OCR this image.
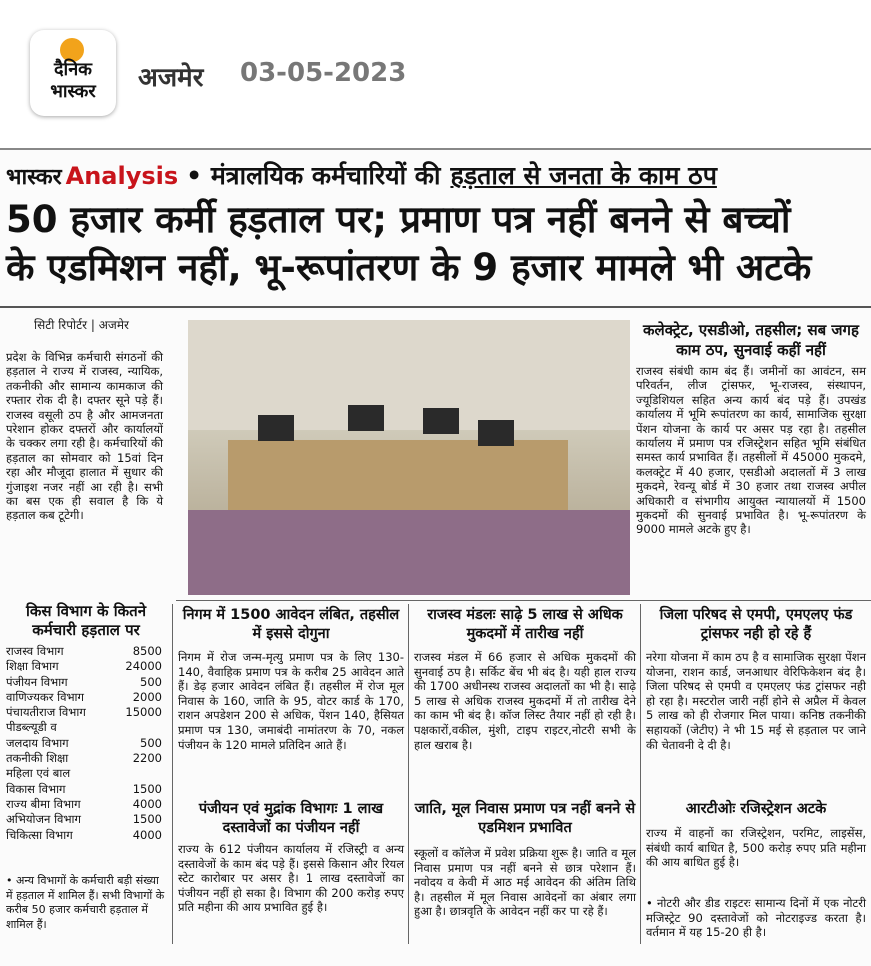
दैनिक
भास्कर	अजमेर 03-05-2023
भास्कर Analysis • मंत्रालयिक कर्मचारियों की हड़ताल से जनता के काम ठप
50 हजार कर्मी हड़ताल पर; प्रमाण पत्र नहीं बनने से बच्चों
के एडमिशन नहीं, भू-रूपांतरण के 9 हजार मामले भी अटके
सिटी रिपोर्टर | अजमेर
प्रदेश के विभिन्न कर्मचारी संगठनों की हड़ताल ने राज्य में राजस्व, न्यायिक, तकनीकी और सामान्य कामकाज की रफ्तार रोक दी है। दफ्तर सूने पड़े हैं। राजस्व वसूली ठप है और आमजनता परेशान होकर दफ्तरों और कार्यालयों के चक्कर लगा रही है। कर्मचारियों की हड़ताल का सोमवार को 15वां दिन रहा और मौजूदा हालात में सुधार की गुंजाइश नजर नहीं आ रही है। सभी का बस एक ही सवाल है कि ये हड़ताल कब टूटेगी।
कलेक्ट्रेट, एसडीओ, तहसील; सब जगह काम ठप, सुनवाई कहीं नहीं
राजस्व संबंधी काम बंद हैं। जमीनों का आवंटन, सम परिवर्तन, लीज ट्रांसफर, भू-राजस्व, संस्थापन, ज्यूडिशियल सहित अन्य कार्य बंद पड़े हैं। उपखंड कार्यालय में भूमि रूपांतरण का कार्य, सामाजिक सुरक्षा पेंशन योजना के कार्य पर असर पड़ रहा है। तहसील कार्यालय में प्रमाण पत्र रजिस्ट्रेशन सहित भूमि संबंधित समस्त कार्य प्रभावित हैं। तहसीलों में 45000 मुकदमे, कलक्ट्रेट में 40 हजार, एसडीओ अदालतों में 3 लाख मुकदमे, रेवन्यू बोर्ड में 30 हजार तथा राजस्व अपील अधिकारी व संभागीय आयुक्त न्यायालयों में 1500 मुकदमों की सुनवाई प्रभावित है। भू-रूपांतरण के 9000 मामले अटके हुए है।
किस विभाग के कितने कर्मचारी हड़ताल पर
राजस्व विभाग	8500
शिक्षा विभाग	24000
पंजीयन विभाग	500
वाणिज्यकर विभाग	2000
पंचायतीराज विभाग	15000
पीडब्ल्यूडी व
जलदाय विभाग	500
तकनीकी शिक्षा	2200
महिला एवं बाल
विकास विभाग	1500
राज्य बीमा विभाग	4000
अभियोजन विभाग	1500
चिकित्सा विभाग	4000
• अन्य विभागों के कर्मचारी बड़ी संख्या में हड़ताल में शामिल हैं। सभी विभागों के करीब 50 हजार कर्मचारी हड़ताल में शामिल हैं।
निगम में 1500 आवेदन लंबित, तहसील में इससे दोगुना
निगम में रोज जन्म-मृत्यु प्रमाण पत्र के लिए 130-140, वैवाहिक प्रमाण पत्र के करीब 25 आवेदन आते हैं। डेढ़ हजार आवेदन लंबित हैं। तहसील में रोज मूल निवास के 160, जाति के 95, वोटर कार्ड के 170, राशन अपडेशन 200 से अधिक, पेंशन 140, हैसियत प्रमाण पत्र 130, जमाबंदी नामांतरण के 70, नकल पंजीयन के 120 मामले प्रतिदिन आते हैं।
पंजीयन एवं मुद्रांक विभागः 1 लाख दस्तावेजों का पंजीयन नहीं
राज्य के 612 पंजीयन कार्यालय में रजिस्ट्री व अन्य दस्तावेजों के काम बंद पड़े हैं। इससे किसान और रियल स्टेट कारोबार पर असर है। 1 लाख दस्तावेजों का पंजीयन नहीं हो सका है। विभाग की 200 करोड़ रुपए प्रति महीना की आय प्रभावित हुई है।
राजस्व मंडलः साढ़े 5 लाख से अधिक मुकदमों में तारीख नहीं
राजस्व मंडल में 66 हजार से अधिक मुकदमों की सुनवाई ठप है। सर्किट बेंच भी बंद है। यही हाल राज्य की 1700 अधीनस्थ राजस्व अदालतों का भी है। साढ़े 5 लाख से अधिक राजस्व मुकदमों में तो तारीख देने का काम भी बंद है। कॉज लिस्ट तैयार नहीं हो रही है। पक्षकारों,वकील, मुंशी, टाइप राइटर,नोटरी सभी के हाल खराब है।
जाति, मूल निवास प्रमाण पत्र नहीं बनने से एडमिशन प्रभावित
स्कूलों व कॉलेज में प्रवेश प्रक्रिया शुरू है। जाति व मूल निवास प्रमाण पत्र नहीं बनने से छात्र परेशान हैं। नवोदय व केवी में आठ मई आवेदन की अंतिम तिथि है। तहसील में मूल निवास आवेदनों का अंबार लगा हुआ है। छात्रवृति के आवेदन नहीं कर पा रहे हैं।
जिला परिषद से एमपी, एमएलए फंड ट्रांसफर नही हो रहे हैं
नरेगा योजना में काम ठप है व सामाजिक सुरक्षा पेंशन योजना, राशन कार्ड, जनआधार वेरिफिकेशन बंद है। जिला परिषद से एमपी व एमएलए फंड ट्रांसफर नही हो रहा है। मस्टरोल जारी नहीं होने से अप्रैल में केवल 5 लाख को ही रोजगार मिल पाया। कनिष्ठ तकनीकी सहायकों (जेटीए) ने भी 15 मई से हड़ताल पर जाने की चेतावनी दे दी है।
आरटीओः रजिस्ट्रेशन अटके
राज्य में वाहनों का रजिस्ट्रेशन, परमिट, लाइसेंस, संबंधी कार्य बाधित है, 500 करोड़ रुपए प्रति महीना की आय बाधित हुई है।
• नोटरी और डीड राइटरः सामान्य दिनों में एक नोटरी मजिस्ट्रेट 90 दस्तावेजों को नोटराइज्ड करता है। वर्तमान में यह 15-20 ही है।
